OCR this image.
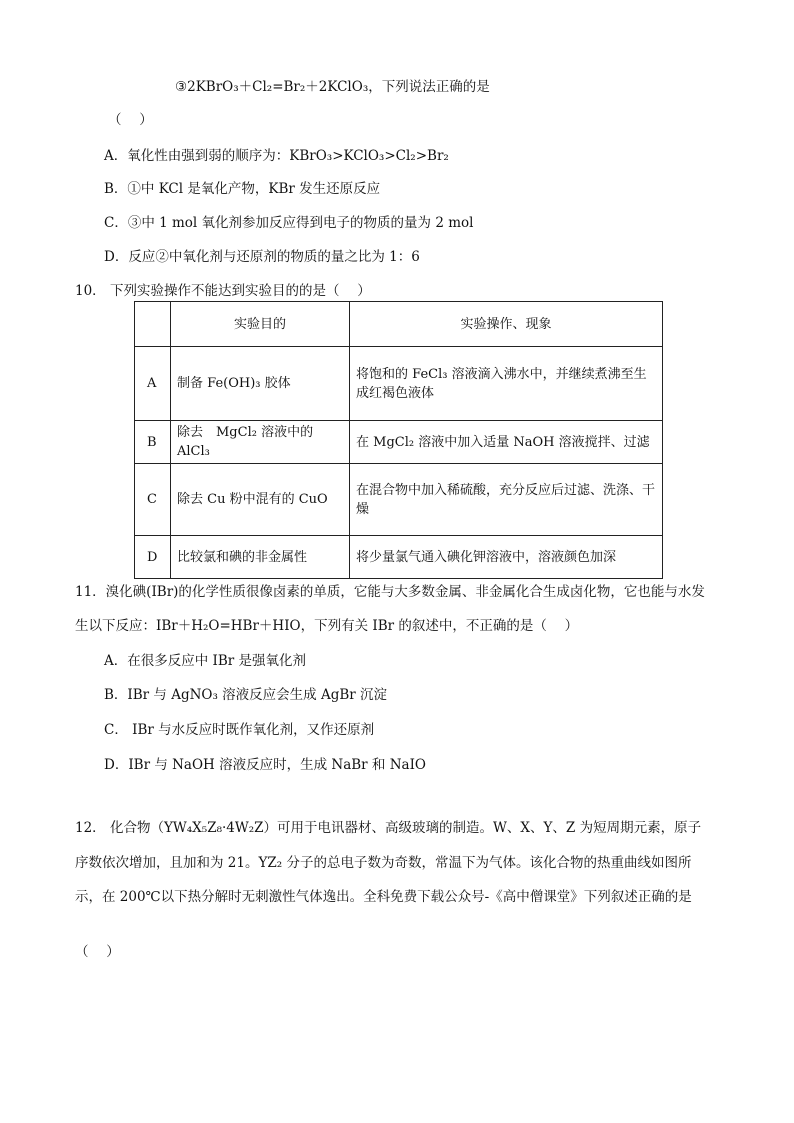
③2KBrO₃＋Cl₂=Br₂＋2KClO₃，下列说法正确的是
（　 ）
A．氧化性由强到弱的顺序为：KBrO₃>KClO₃>Cl₂>Br₂
B．①中 KCl 是氧化产物，KBr 发生还原反应
C．③中 1 mol 氧化剂参加反应得到电子的物质的量为 2 mol
D．反应②中氧化剂与还原剂的物质的量之比为 1：6
10． 下列实验操作不能达到实验目的的是（　 ）
	实验目的	实验操作、现象
A	制备 Fe(OH)₃ 胶体	将饱和的 FeCl₃ 溶液滴入沸水中，并继续煮沸至生成红褐色液体
B	除去　MgCl₂ 溶液中的 AlCl₃	在 MgCl₂ 溶液中加入适量 NaOH 溶液搅拌、过滤
C	除去 Cu 粉中混有的 CuO	在混合物中加入稀硫酸，充分反应后过滤、洗涤、干燥
D	比较氯和碘的非金属性	将少量氯气通入碘化钾溶液中，溶液颜色加深
11．溴化碘(IBr)的化学性质很像卤素的单质，它能与大多数金属、非金属化合生成卤化物，它也能与水发
生以下反应：IBr＋H₂O=HBr＋HIO，下列有关 IBr 的叙述中，不正确的是（　 ）
A．在很多反应中 IBr 是强氧化剂
B．IBr 与 AgNO₃ 溶液反应会生成 AgBr 沉淀
C． IBr 与水反应时既作氧化剂，又作还原剂
D．IBr 与 NaOH 溶液反应时，生成 NaBr 和 NaIO
12． 化合物（YW₄X₅Z₈·4W₂Z）可用于电讯器材、高级玻璃的制造。W、X、Y、Z 为短周期元素，原子
序数依次增加，且加和为 21。YZ₂ 分子的总电子数为奇数，常温下为气体。该化合物的热重曲线如图所
示，在 200℃以下热分解时无刺激性气体逸出。全科免费下载公众号-《高中僧课堂》下列叙述正确的是
（　 ）
